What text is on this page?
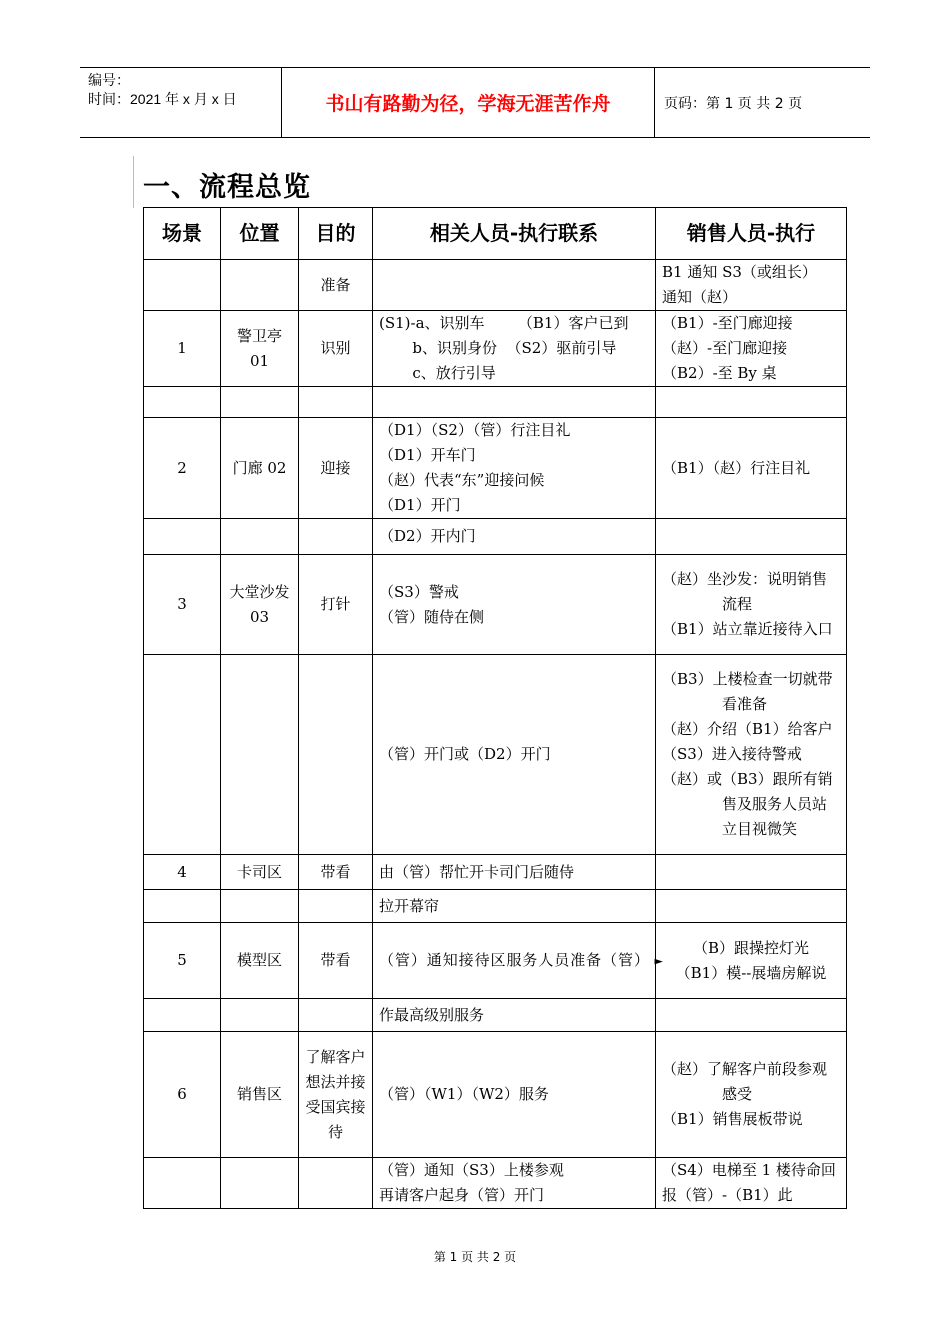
编号：
时间：2021 年 x 月 x 日	书山有路勤为径，学海无涯苦作舟	页码：第 1 页 共 2 页
一、流程总览
场景	位置	目的	相关人员-执行联系	销售人员-执行
		准备		B1 通知 S3（或组长）
通知（赵）

1	警卫亭 01	识别	(S1)-a、识别车       （B1）客户已到
b、识别身份  （S2）驱前引导
c、放行引导	（B1）-至门廊迎接
（赵）-至门廊迎接
（B2）-至 By 桌

2	门廊 02	迎接	（D1）（S2）（管）行注目礼
（D1）开车门
（赵）代表“东”迎接问候
（D1）开门	（B1）（赵）行注目礼

			（D2）开内门	

3	大堂沙发 03	打针	（S3）警戒
（管）随侍在侧	（赵）坐沙发：说明销售流程
（B1）站立靠近接待入口

			（管）开门或（D2）开门	（B3）上楼检查一切就带看准备
（赵）介绍（B1）给客户
（S3）进入接待警戒
（赵）或（B3）跟所有销售及服务人员站立目视微笑

4	卡司区	带看	由（管）帮忙开卡司门后随侍	

			拉开幕帘	

5	模型区	带看	（管）通知接待区服务人员准备（管） ►	（B）跟操控灯光
（B1）模--展墙房解说

			作最高级别服务	

6	销售区	了解客户想法并接受国宾接待	（管）（W1）（W2）服务	（赵）了解客户前段参观感受
（B1）销售展板带说

			（管）通知（S3）上楼参观
再请客户起身（管）开门	（S4）电梯至 1 楼待命回报（管）-（B1）此
第 1 页 共 2 页
